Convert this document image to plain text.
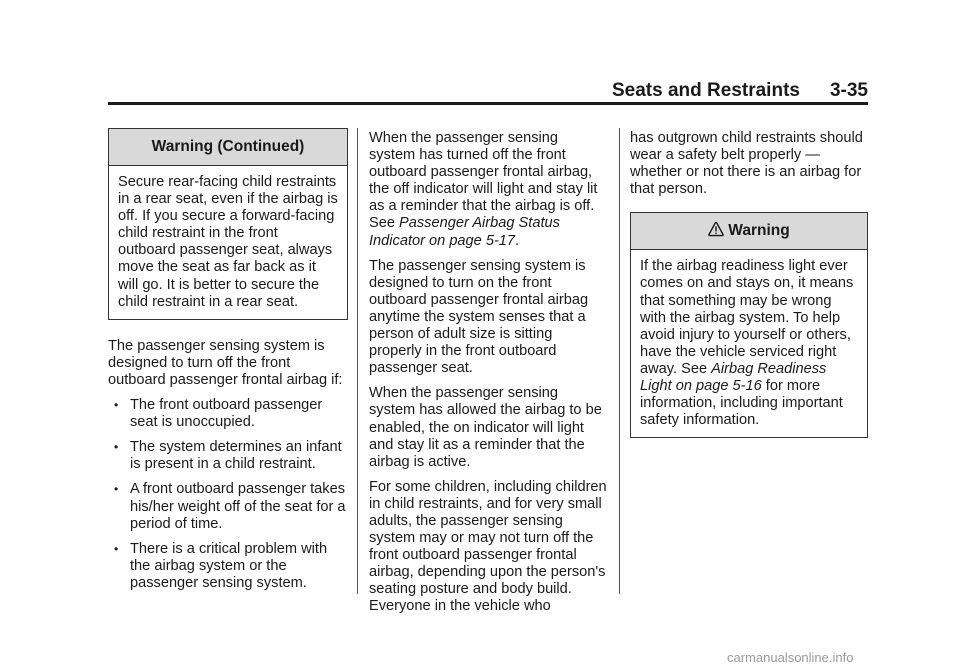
Seats and Restraints 3-35
Warning (Continued)
Secure rear-facing child restraints in a rear seat, even if the airbag is off. If you secure a forward-facing child restraint in the front outboard passenger seat, always move the seat as far back as it will go. It is better to secure the child restraint in a rear seat.

The passenger sensing system is designed to turn off the front outboard passenger frontal airbag if:

• The front outboard passenger seat is unoccupied.
• The system determines an infant is present in a child restraint.
• A front outboard passenger takes his/her weight off of the seat for a period of time.
• There is a critical problem with the airbag system or the passenger sensing system.

When the passenger sensing system has turned off the front outboard passenger frontal airbag, the off indicator will light and stay lit as a reminder that the airbag is off. See Passenger Airbag Status Indicator on page 5-17.

The passenger sensing system is designed to turn on the front outboard passenger frontal airbag anytime the system senses that a person of adult size is sitting properly in the front outboard passenger seat.

When the passenger sensing system has allowed the airbag to be enabled, the on indicator will light and stay lit as a reminder that the airbag is active.

For some children, including children in child restraints, and for very small adults, the passenger sensing system may or may not turn off the front outboard passenger frontal airbag, depending upon the person's seating posture and body build. Everyone in the vehicle who

has outgrown child restraints should wear a safety belt properly — whether or not there is an airbag for that person.

Warning
If the airbag readiness light ever comes on and stays on, it means that something may be wrong with the airbag system. To help avoid injury to yourself or others, have the vehicle serviced right away. See Airbag Readiness Light on page 5-16 for more information, including important safety information.
carmanualsonline.info
